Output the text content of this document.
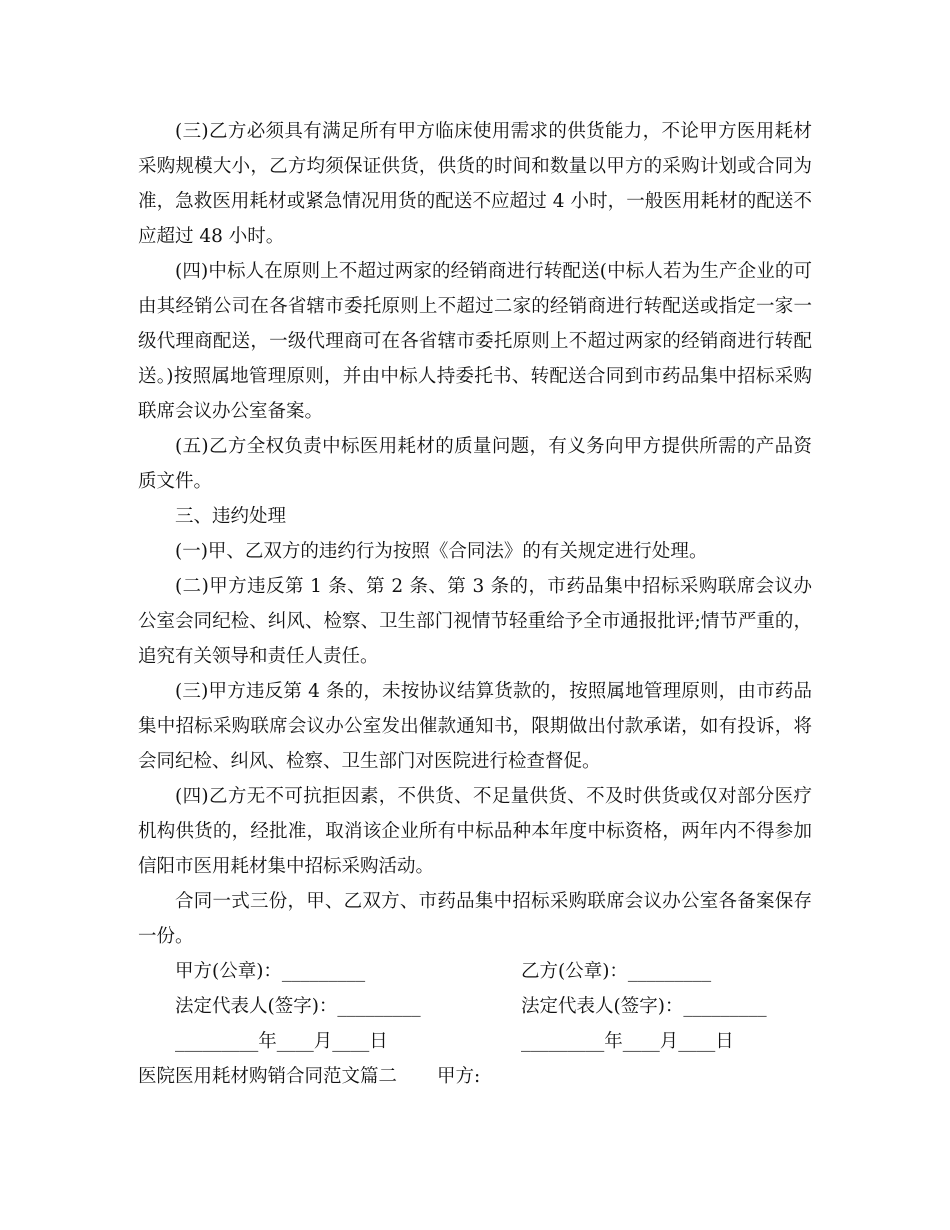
(三)乙方必须具有满足所有甲方临床使用需求的供货能力，不论甲方医用耗材采购规模大小，乙方均须保证供货，供货的时间和数量以甲方的采购计划或合同为准，急救医用耗材或紧急情况用货的配送不应超过 4 小时，一般医用耗材的配送不应超过 48 小时。

(四)中标人在原则上不超过两家的经销商进行转配送(中标人若为生产企业的可由其经销公司在各省辖市委托原则上不超过二家的经销商进行转配送或指定一家一级代理商配送，一级代理商可在各省辖市委托原则上不超过两家的经销商进行转配送。)按照属地管理原则，并由中标人持委托书、转配送合同到市药品集中招标采购联席会议办公室备案。

(五)乙方全权负责中标医用耗材的质量问题，有义务向甲方提供所需的产品资质文件。

三、违约处理

(一)甲、乙双方的违约行为按照《合同法》的有关规定进行处理。

(二)甲方违反第 1 条、第 2 条、第 3 条的，市药品集中招标采购联席会议办公室会同纪检、纠风、检察、卫生部门视情节轻重给予全市通报批评;情节严重的，追究有关领导和责任人责任。

(三)甲方违反第 4 条的，未按协议结算货款的，按照属地管理原则，由市药品集中招标采购联席会议办公室发出催款通知书，限期做出付款承诺，如有投诉，将会同纪检、纠风、检察、卫生部门对医院进行检查督促。

(四)乙方无不可抗拒因素，不供货、不足量供货、不及时供货或仅对部分医疗机构供货的，经批准，取消该企业所有中标品种本年度中标资格，两年内不得参加信阳市医用耗材集中招标采购活动。

合同一式三份，甲、乙双方、市药品集中招标采购联席会议办公室各备案保存一份。

甲方(公章)：_________	乙方(公章)：_________
法定代表人(签字)：_________	法定代表人(签字)：_________
_________年____月____日	_________年____月____日
医院医用耗材购销合同范文篇二 甲方:
